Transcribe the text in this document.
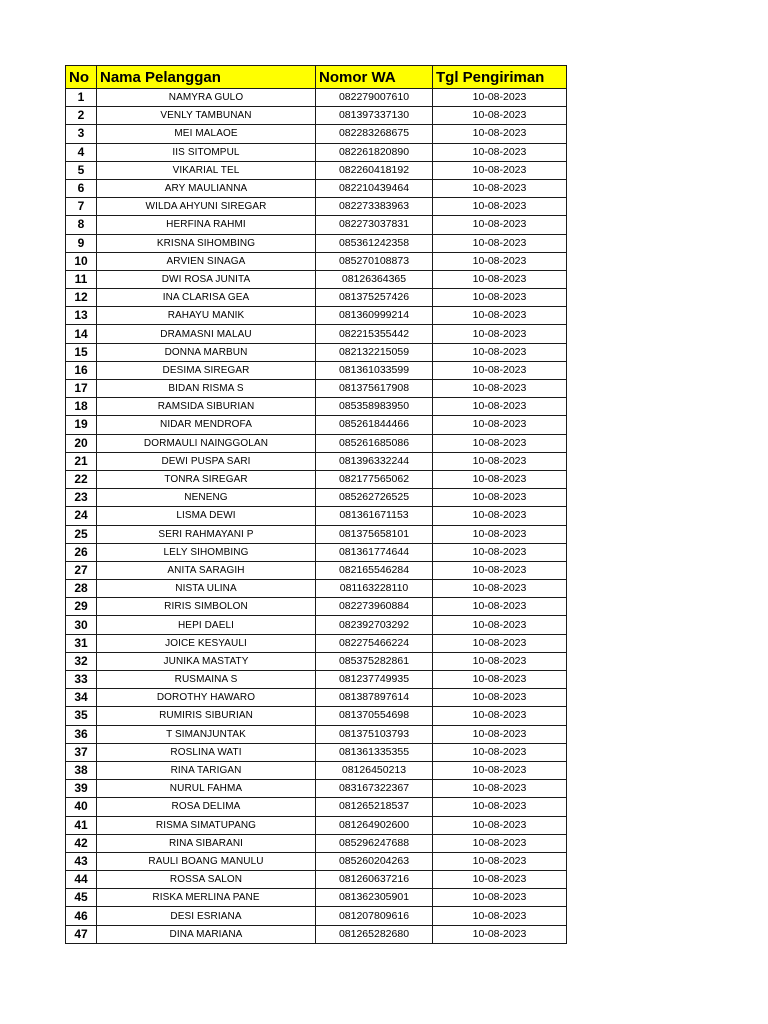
No	Nama Pelanggan	Nomor WA	Tgl Pengiriman
1	NAMYRA GULO	082279007610	10-08-2023
2	VENLY TAMBUNAN	081397337130	10-08-2023
3	MEI MALAOE	082283268675	10-08-2023
4	IIS SITOMPUL	082261820890	10-08-2023
5	VIKARIAL TEL	082260418192	10-08-2023
6	ARY MAULIANNA	082210439464	10-08-2023
7	WILDA AHYUNI SIREGAR	082273383963	10-08-2023
8	HERFINA RAHMI	082273037831	10-08-2023
9	KRISNA SIHOMBING	085361242358	10-08-2023
10	ARVIEN SINAGA	085270108873	10-08-2023
11	DWI ROSA JUNITA	08126364365	10-08-2023
12	INA CLARISA GEA	081375257426	10-08-2023
13	RAHAYU MANIK	081360999214	10-08-2023
14	DRAMASNI MALAU	082215355442	10-08-2023
15	DONNA MARBUN	082132215059	10-08-2023
16	DESIMA SIREGAR	081361033599	10-08-2023
17	BIDAN RISMA S	081375617908	10-08-2023
18	RAMSIDA SIBURIAN	085358983950	10-08-2023
19	NIDAR MENDROFA	085261844466	10-08-2023
20	DORMAULI NAINGGOLAN	085261685086	10-08-2023
21	DEWI PUSPA SARI	081396332244	10-08-2023
22	TONRA SIREGAR	082177565062	10-08-2023
23	NENENG	085262726525	10-08-2023
24	LISMA DEWI	081361671153	10-08-2023
25	SERI RAHMAYANI P	081375658101	10-08-2023
26	LELY SIHOMBING	081361774644	10-08-2023
27	ANITA SARAGIH	082165546284	10-08-2023
28	NISTA ULINA	081163228110	10-08-2023
29	RIRIS SIMBOLON	082273960884	10-08-2023
30	HEPI DAELI	082392703292	10-08-2023
31	JOICE KESYAULI	082275466224	10-08-2023
32	JUNIKA MASTATY	085375282861	10-08-2023
33	RUSMAINA S	081237749935	10-08-2023
34	DOROTHY HAWARO	081387897614	10-08-2023
35	RUMIRIS SIBURIAN	081370554698	10-08-2023
36	T SIMANJUNTAK	081375103793	10-08-2023
37	ROSLINA WATI	081361335355	10-08-2023
38	RINA TARIGAN	08126450213	10-08-2023
39	NURUL FAHMA	083167322367	10-08-2023
40	ROSA DELIMA	081265218537	10-08-2023
41	RISMA SIMATUPANG	081264902600	10-08-2023
42	RINA SIBARANI	085296247688	10-08-2023
43	RAULI BOANG MANULU	085260204263	10-08-2023
44	ROSSA SALON	081260637216	10-08-2023
45	RISKA MERLINA PANE	081362305901	10-08-2023
46	DESI ESRIANA	081207809616	10-08-2023
47	DINA MARIANA	081265282680	10-08-2023
